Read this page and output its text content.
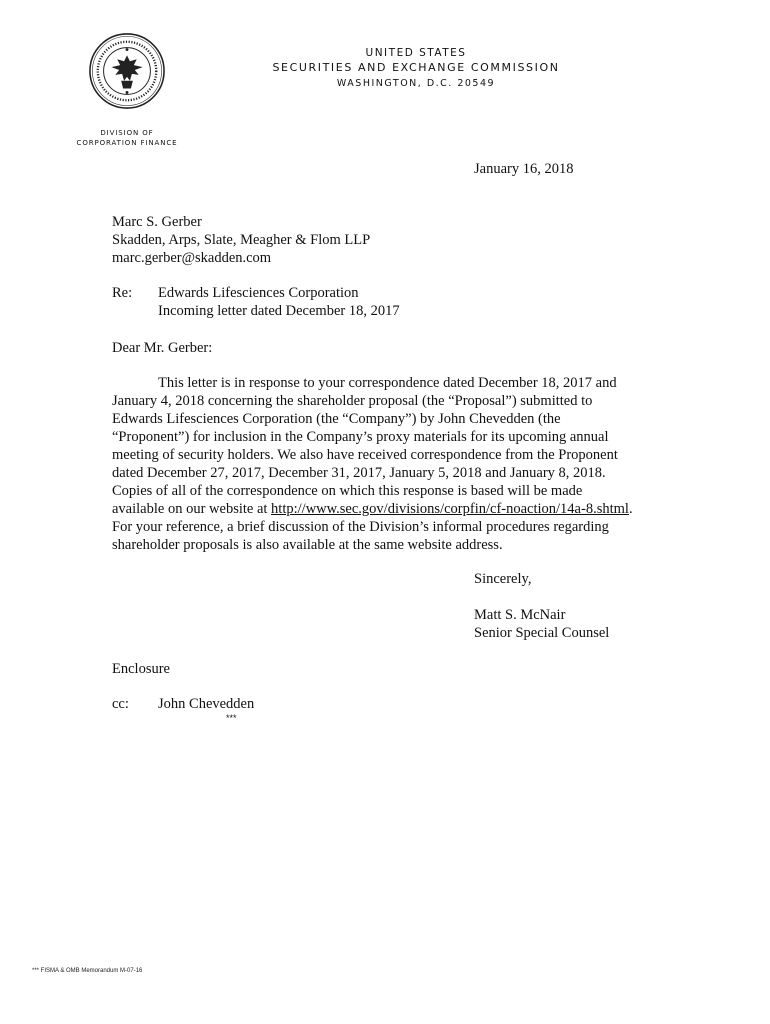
UNITED STATES
SECURITIES AND EXCHANGE COMMISSION
WASHINGTON, D.C. 20549
DIVISION OF
CORPORATION FINANCE
January 16, 2018
Marc S. Gerber
Skadden, Arps, Slate, Meagher & Flom LLP
marc.gerber@skadden.com
Re: Edwards Lifesciences Corporation
Incoming letter dated December 18, 2017
Dear Mr. Gerber:
This letter is in response to your correspondence dated December 18, 2017 and
January 4, 2018 concerning the shareholder proposal (the “Proposal”) submitted to
Edwards Lifesciences Corporation (the “Company”) by John Chevedden (the
“Proponent”) for inclusion in the Company’s proxy materials for its upcoming annual
meeting of security holders. We also have received correspondence from the Proponent
dated December 27, 2017, December 31, 2017, January 5, 2018 and January 8, 2018.
Copies of all of the correspondence on which this response is based will be made
available on our website at http://www.sec.gov/divisions/corpfin/cf-noaction/14a-8.shtml.
For your reference, a brief discussion of the Division’s informal procedures regarding
shareholder proposals is also available at the same website address.
Sincerely,
Matt S. McNair
Senior Special Counsel
Enclosure
cc: John Chevedden
***
*** FISMA & OMB Memorandum M-07-16
